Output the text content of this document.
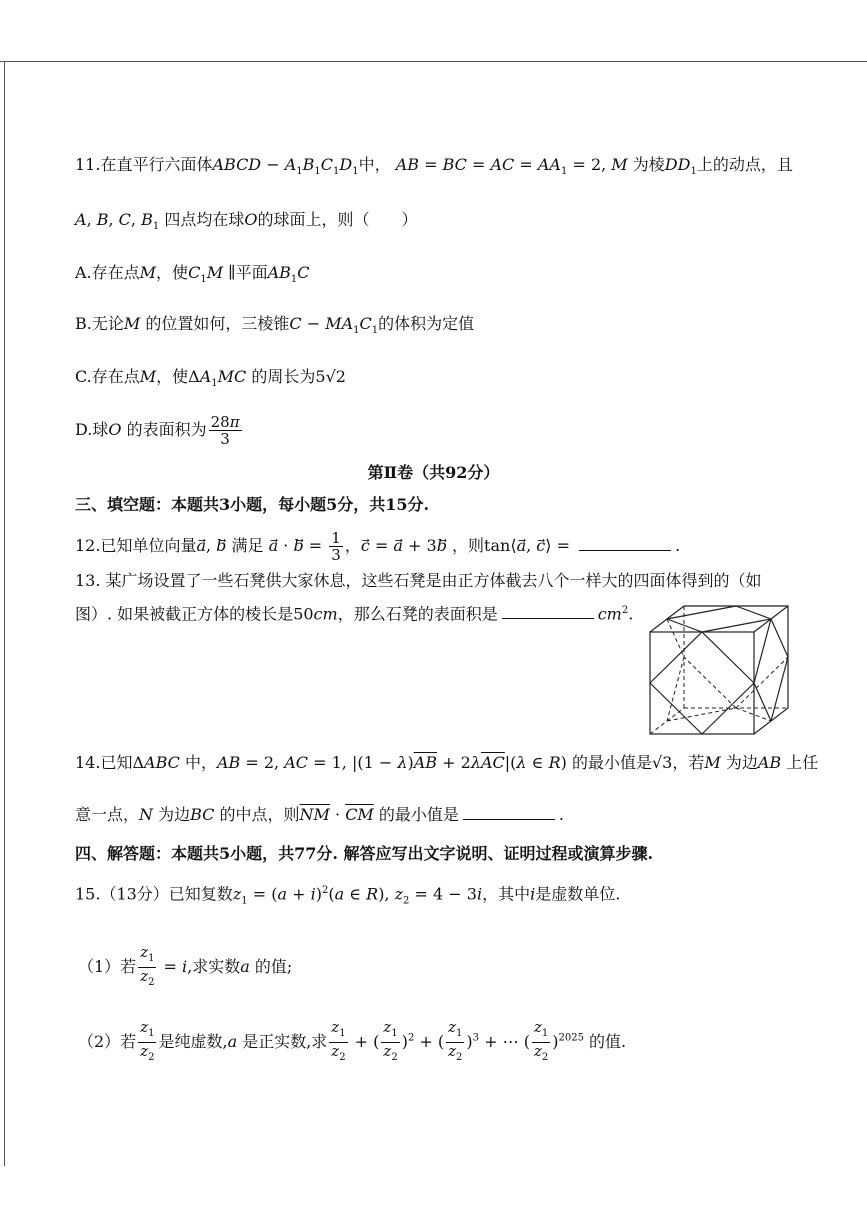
11.在直平行六面体ABCD − $A_1B_1C_1D_1$中， AB = BC = AC = $AA_1 = 2$, M 为棱$DD_1$上的动点，且
A, B, C, $B_1$ 四点均在球O的球面上，则（　　）
A.存在点M，使$C_1M$ ∥平面$AB_1C$
B.无论M 的位置如何，三棱锥$C - MA_1C_1$的体积为定值
C.存在点M，使$\Delta A_1MC$ 的周长为5√2
D.球O 的表面积为 $\frac{28\pi}{3}$
第Ⅱ卷（共92分）
三、填空题：本题共3小题，每小题5分，共15分.
12.已知单位向量a⃗, b⃗ 满足 a⃗ · b⃗ = $\frac{1}{3}$ ，c⃗ = a⃗ + 3b⃗ ，则tan⟨a⃗, c⃗⟩ =	.
13. 某广场设置了一些石凳供大家休息，这些石凳是由正方体截去八个一样大的四面体得到的（如
图）. 如果被截正方体的棱长是50cm，那么石凳的表面积是	$cm^2$.
14.已知ΔABC 中，AB = 2, AC = 1, $|(1 - \lambda)\overline{AB} + 2\lambda\overline{AC}|(\lambda$ ∈ R) 的最小值是√3，若M 为边AB 上任
意一点，N 为边BC 的中点，则$\overline{NM} \cdot \overline{CM}$ 的最小值是	.
四、解答题：本题共5小题，共77分. 解答应写出文字说明、证明过程或演算步骤.
15.（13分）已知复数$z_1 = (a + i)^2(a$ ∈ R), $z_2 = 4 - 3i$，其中i是虚数单位.
（1）若 $\frac{z_1}{z_2} = i$,求实数a 的值;
（2）若 $\frac{z_1}{z_2}$ 是纯虚数,a 是正实数,求 $\frac{z_1}{z_2}$ + ( $\frac{z_1}{z_2} )^2$ + ( $\frac{z_1}{z_2} )^3$ + ⋯ ( $\frac{z_1}{z_2} )^{2025}$ 的值.
